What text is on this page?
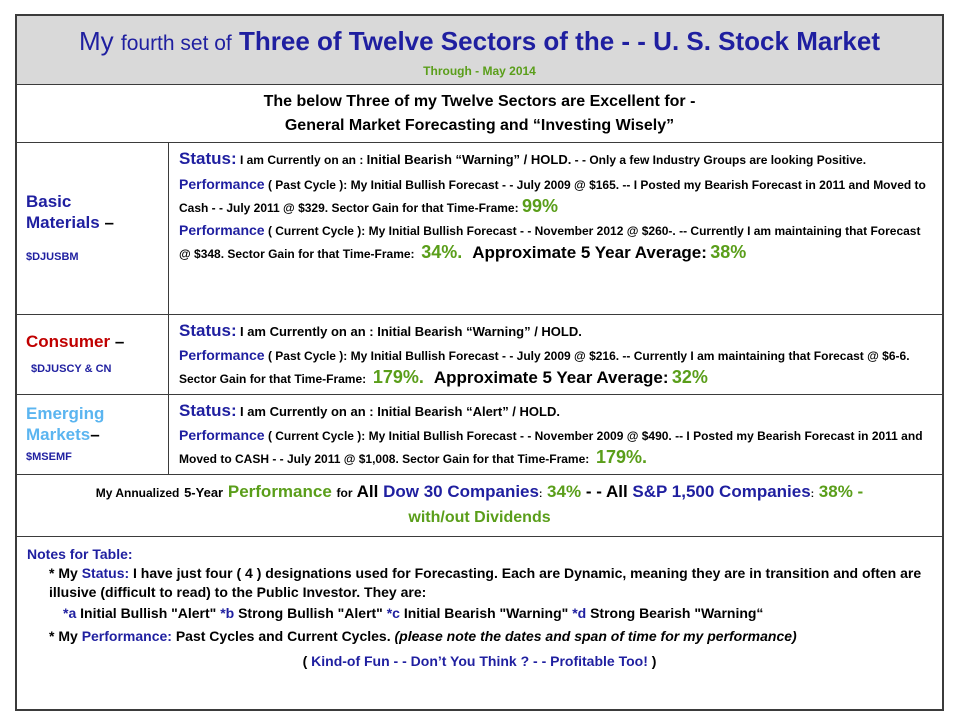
My fourth set of Three of Twelve Sectors of the - - U. S. Stock Market
Through - May 2014
The below Three of my Twelve Sectors are Excellent for -
General Market Forecasting and “Investing Wisely”
Basic
Materials –
$DJUSBM
Status: I am Currently on an : Initial Bearish “Warning” / HOLD. - - Only a few Industry Groups are looking Positive.
Performance ( Past Cycle ): My Initial Bullish Forecast - - July 2009 @ $165. -- I Posted my Bearish Forecast in 2011 and Moved to Cash - - July 2011 @ $329. Sector Gain for that Time-Frame: 99%
Performance ( Current Cycle ): My Initial Bullish Forecast - - November 2012 @ $260-. -- Currently I am maintaining that Forecast @ $348. Sector Gain for that Time-Frame: 34%. Approximate 5 Year Average: 38%
Consumer –
$DJUSCY & CN
Status: I am Currently on an : Initial Bearish “Warning” / HOLD.
Performance ( Past Cycle ): My Initial Bullish Forecast - - July 2009 @ $216. -- Currently I am maintaining that Forecast @ $6-6. Sector Gain for that Time-Frame: 179%. Approximate 5 Year Average: 32%
Emerging
Markets–
$MSEMF
Status: I am Currently on an : Initial Bearish “Alert” / HOLD.
Performance ( Current Cycle ): My Initial Bullish Forecast - - November 2009 @ $490. -- I Posted my Bearish Forecast in 2011 and Moved to CASH - - July 2011 @ $1,008. Sector Gain for that Time-Frame: 179%.
My Annualized 5-Year Performance for All Dow 30 Companies: 34% - - All S&P 1,500 Companies: 38% -
with/out Dividends
Notes for Table:
* My Status: I have just four ( 4 ) designations used for Forecasting. Each are Dynamic, meaning they are in transition and often are illusive (difficult to read) to the Public Investor. They are:
*a Initial Bullish "Alert" *b Strong Bullish "Alert" *c Initial Bearish "Warning" *d Strong Bearish "Warning“
* My Performance: Past Cycles and Current Cycles. (please note the dates and span of time for my performance)
( Kind-of Fun - - Don’t You Think ? - - Profitable Too! )
